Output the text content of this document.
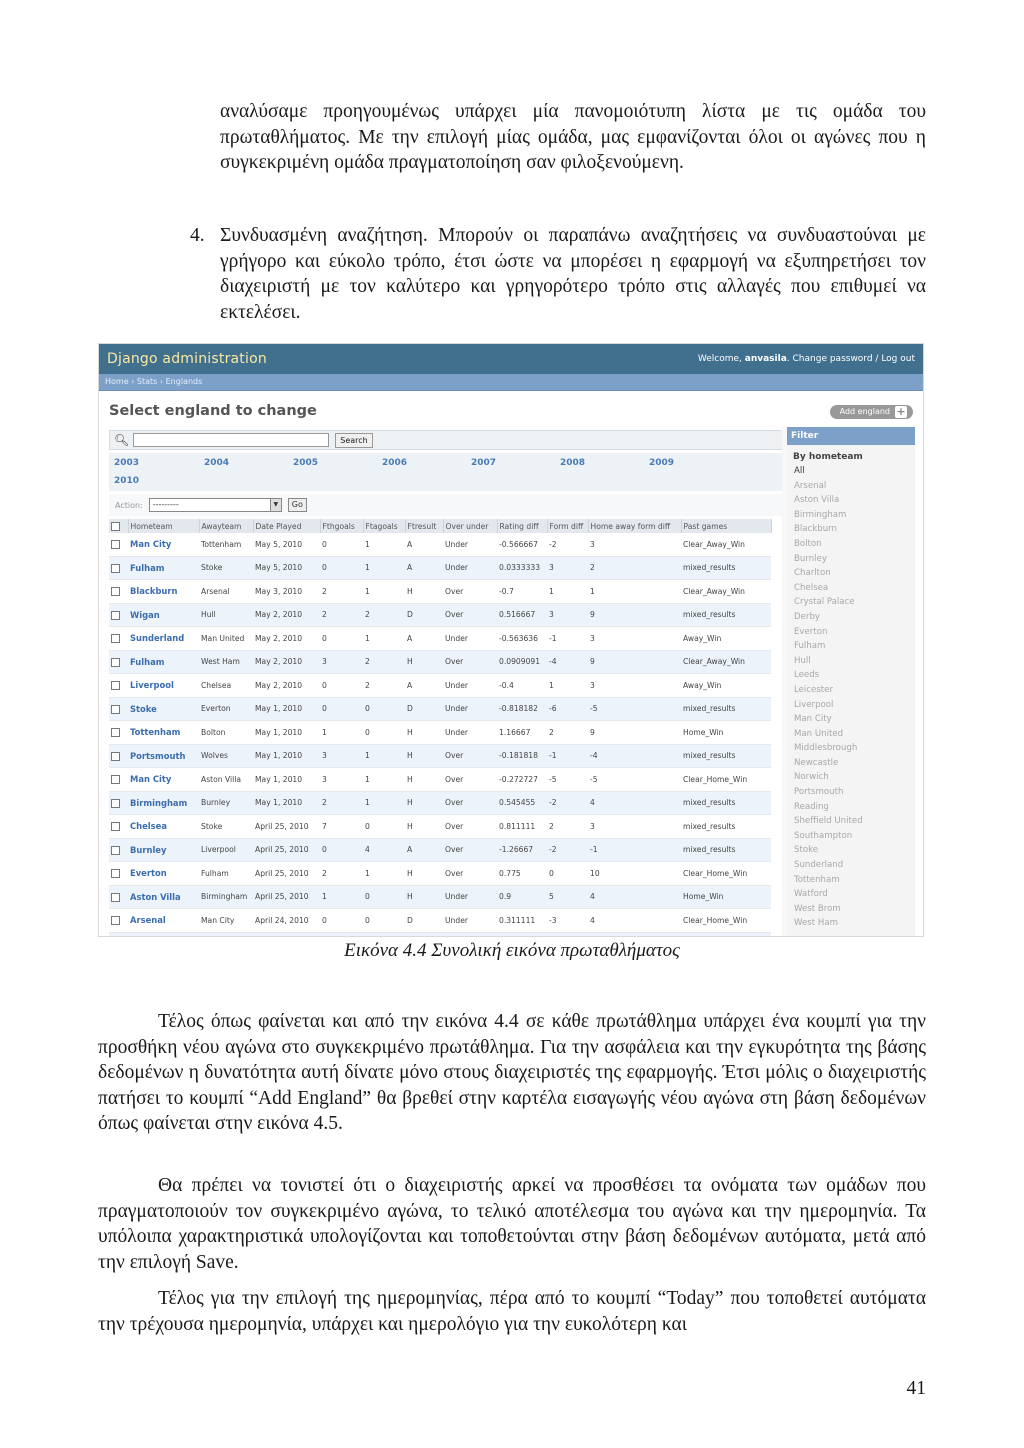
αναλύσαμε προηγουμένως υπάρχει μία πανομοιότυπη λίστα με τις ομάδα του πρωταθλήματος. Με την επιλογή μίας ομάδα, μας εμφανίζονται όλοι οι αγώνες που η συγκεκριμένη ομάδα πραγματοποίηση σαν φιλοξενούμενη.

4. Συνδυασμένη αναζήτηση. Μπορούν οι παραπάνω αναζητήσεις να συνδυαστούναι με γρήγορο και εύκολο τρόπο, έτσι ώστε να μπορέσει η εφαρμογή να εξυπηρετήσει τον διαχειριστή με τον καλύτερο και γρηγορότερο τρόπο στις αλλαγές που επιθυμεί να εκτελέσει.

Django administration	Welcome, anvasila. Change password / Log out
Home › Stats › Englands
Select england to change	Add england +
🔍︎	Search
2003	2004	2005	2006	2007	2008	2009
2010
Action:	---------	▼	Go
	Hometeam	Awayteam	Date Played	Fthgoals	Ftagoals	Ftresult	Over under	Rating diff	Form diff	Home away form diff	Past games
	Man City	Tottenham	May 5, 2010	0	1	A	Under	-0.566667	-2	3	Clear_Away_Win
	Fulham	Stoke	May 5, 2010	0	1	A	Under	0.0333333	3	2	mixed_results
	Blackburn	Arsenal	May 3, 2010	2	1	H	Over	-0.7	1	1	Clear_Away_Win
	Wigan	Hull	May 2, 2010	2	2	D	Over	0.516667	3	9	mixed_results
	Sunderland	Man United	May 2, 2010	0	1	A	Under	-0.563636	-1	3	Away_Win
	Fulham	West Ham	May 2, 2010	3	2	H	Over	0.0909091	-4	9	Clear_Away_Win
	Liverpool	Chelsea	May 2, 2010	0	2	A	Under	-0.4	1	3	Away_Win
	Stoke	Everton	May 1, 2010	0	0	D	Under	-0.818182	-6	-5	mixed_results
	Tottenham	Bolton	May 1, 2010	1	0	H	Under	1.16667	2	9	Home_Win
	Portsmouth	Wolves	May 1, 2010	3	1	H	Over	-0.181818	-1	-4	mixed_results
	Man City	Aston Villa	May 1, 2010	3	1	H	Over	-0.272727	-5	-5	Clear_Home_Win
	Birmingham	Burnley	May 1, 2010	2	1	H	Over	0.545455	-2	4	mixed_results
	Chelsea	Stoke	April 25, 2010	7	0	H	Over	0.811111	2	3	mixed_results
	Burnley	Liverpool	April 25, 2010	0	4	A	Over	-1.26667	-2	-1	mixed_results
	Everton	Fulham	April 25, 2010	2	1	H	Over	0.775	0	10	Clear_Home_Win
	Aston Villa	Birmingham	April 25, 2010	1	0	H	Under	0.9	5	4	Home_Win
	Arsenal	Man City	April 24, 2010	0	0	D	Under	0.311111	-3	4	Clear_Home_Win

Filter
By hometeam
All
Arsenal
Aston Villa
Birmingham
Blackburn
Bolton
Burnley
Charlton
Chelsea
Crystal Palace
Derby
Everton
Fulham
Hull
Leeds
Leicester
Liverpool
Man City
Man United
Middlesbrough
Newcastle
Norwich
Portsmouth
Reading
Sheffield United
Southampton
Stoke
Sunderland
Tottenham
Watford
West Brom
West Ham
Εικόνα 4.4 Συνολική εικόνα πρωταθλήματος

Τέλος όπως φαίνεται και από την εικόνα 4.4 σε κάθε πρωτάθλημα υπάρχει ένα κουμπί για την προσθήκη νέου αγώνα στο συγκεκριμένο πρωτάθλημα. Για την ασφάλεια και την εγκυρότητα της βάσης δεδομένων η δυνατότητα αυτή δίνατε μόνο στους διαχειριστές της εφαρμογής. Έτσι μόλις ο διαχειριστής πατήσει το κουμπί “Add England” θα βρεθεί στην καρτέλα εισαγωγής νέου αγώνα στη βάση δεδομένων όπως φαίνεται στην εικόνα 4.5.

Θα πρέπει να τονιστεί ότι ο διαχειριστής αρκεί να προσθέσει τα ονόματα των ομάδων που πραγματοποιούν τον συγκεκριμένο αγώνα, το τελικό αποτέλεσμα του αγώνα και την ημερομηνία. Τα υπόλοιπα χαρακτηριστικά υπολογίζονται και τοποθετούνται στην βάση δεδομένων αυτόματα, μετά από την επιλογή Save.

Τέλος για την επιλογή της ημερομηνίας, πέρα από το κουμπί “Today” που τοποθετεί αυτόματα την τρέχουσα ημερομηνία, υπάρχει και ημερολόγιο για την ευκολότερη και

41
